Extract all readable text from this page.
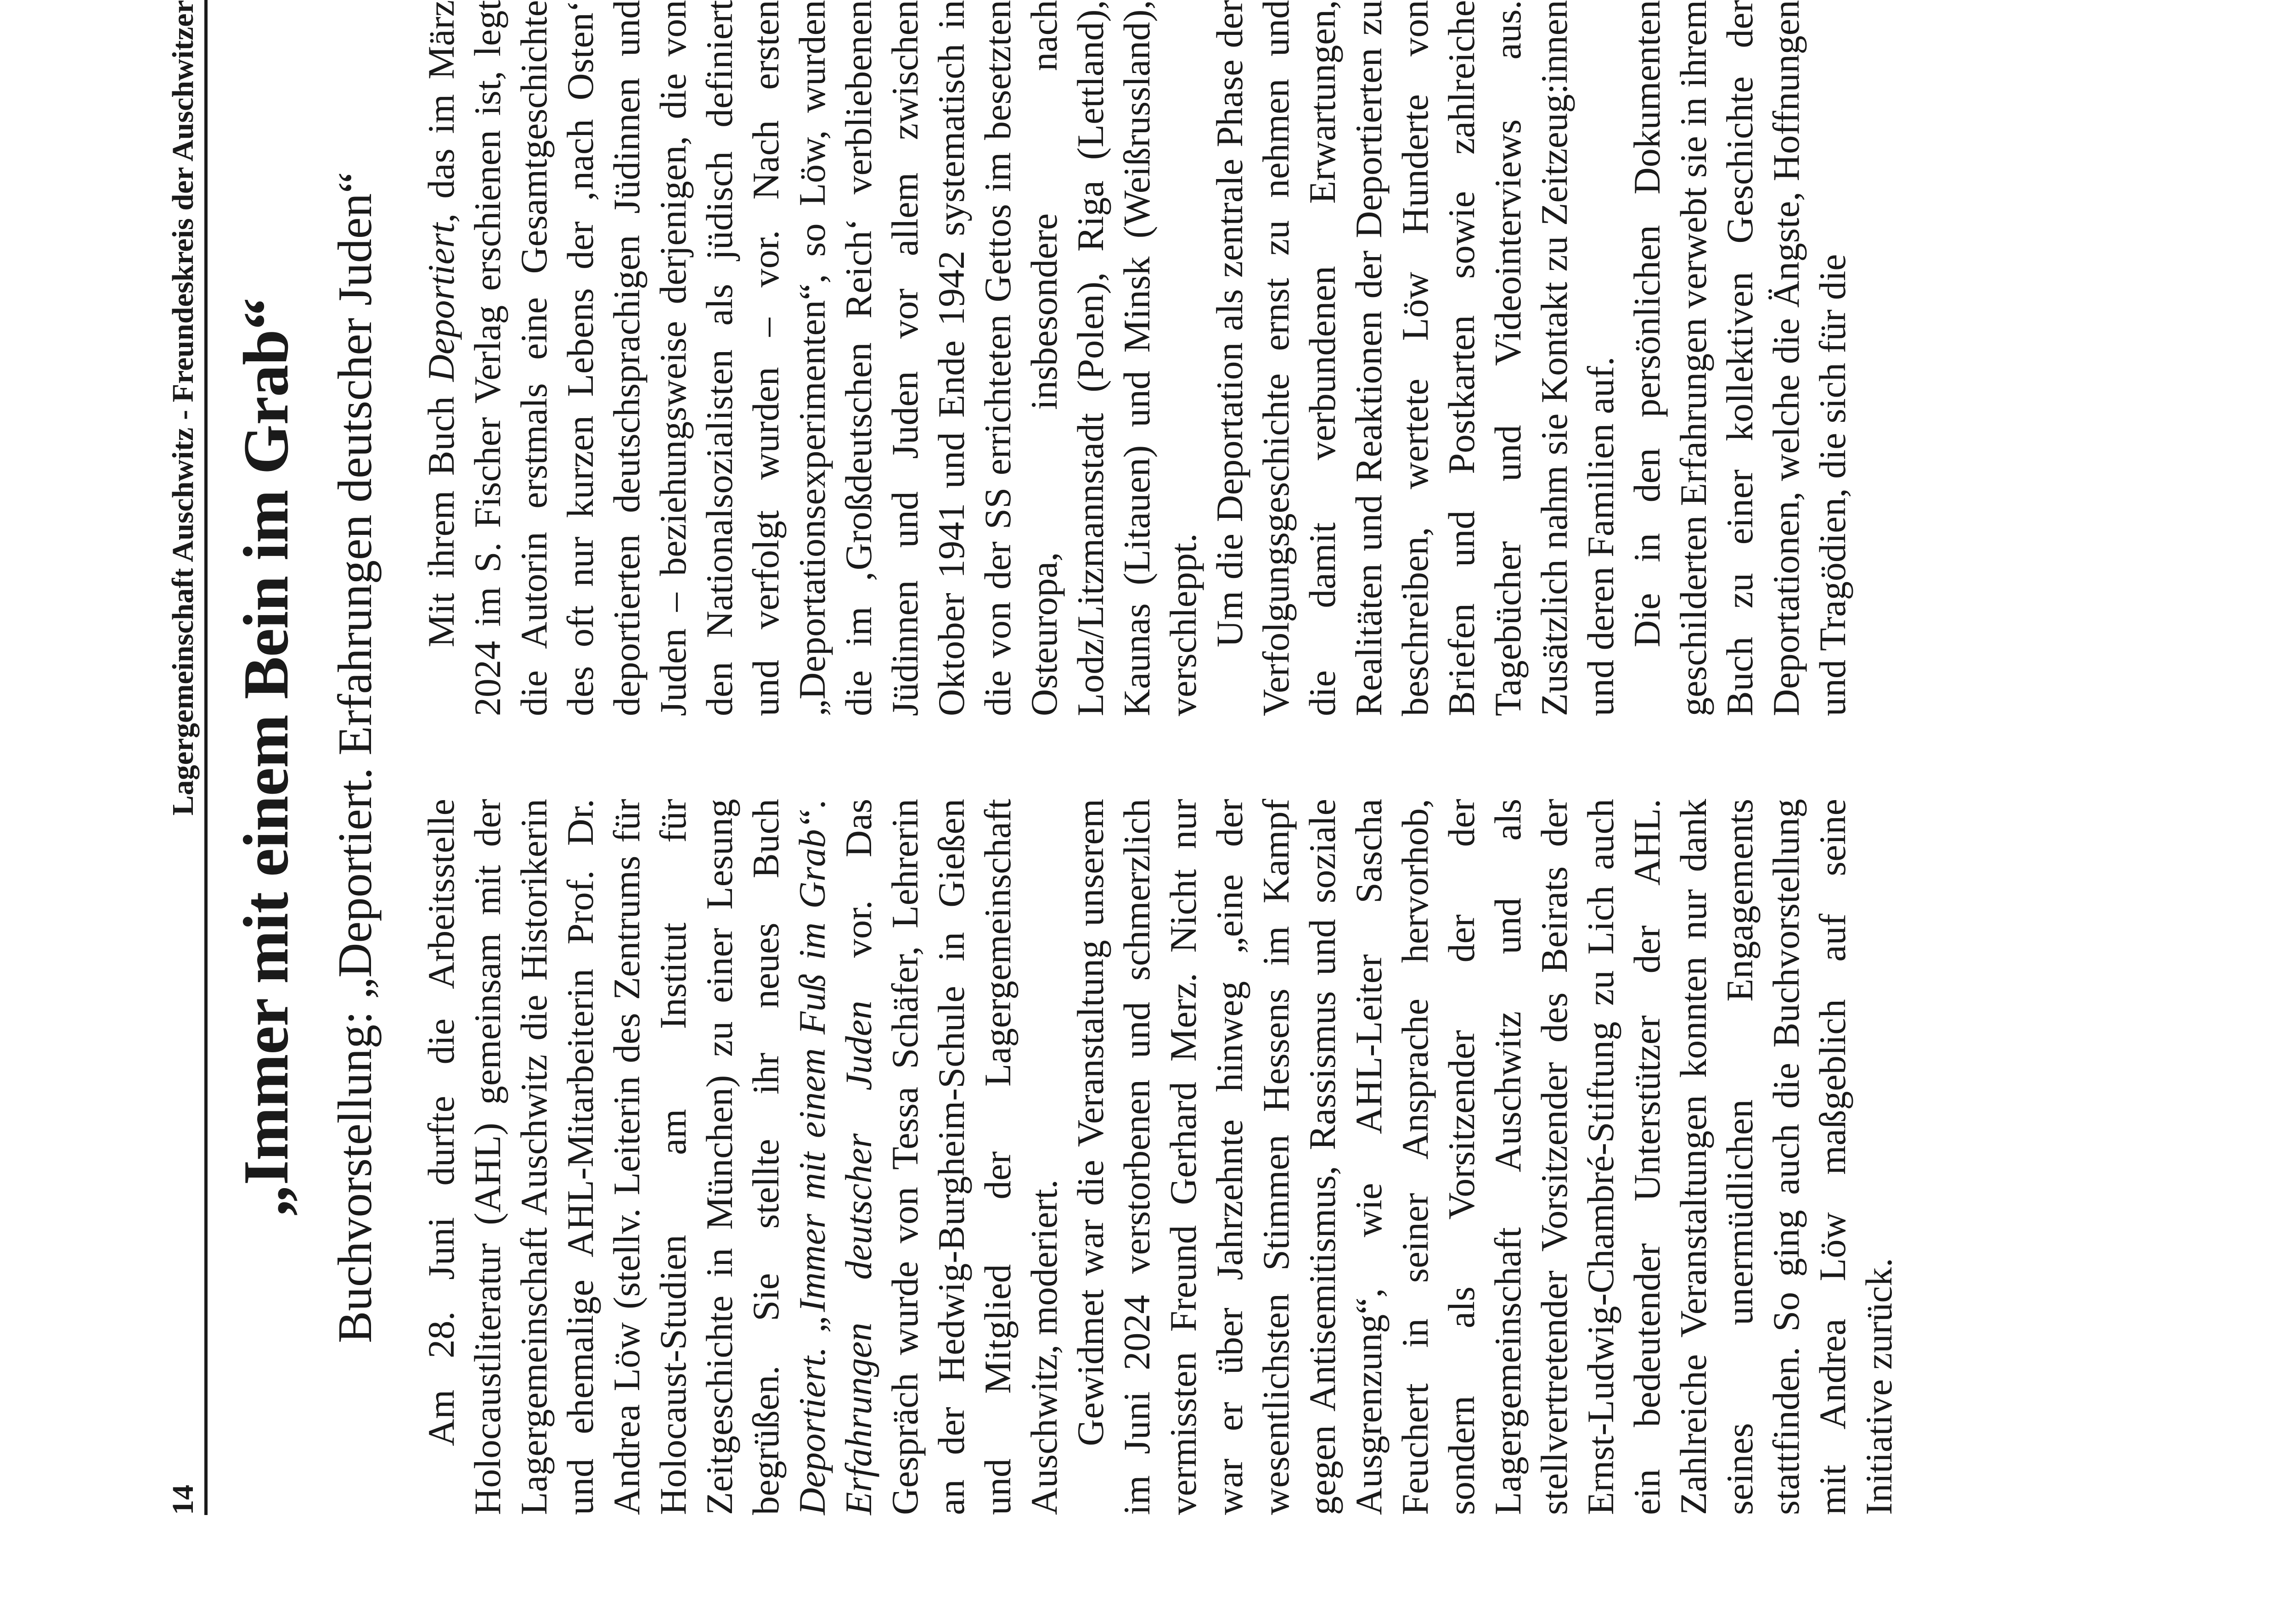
14
Lagergemeinschaft Auschwitz - Freundeskreis der Auschwitzer „Immer mit einem Bein im Grab“ Buchvorstellung: „Deportiert. Erfahrungen deutscher Juden“ Am 28. Juni durfte die Arbeitsstelle Holocaustliteratur (AHL) gemeinsam mit der Lagergemeinschaft Auschwitz die Historikerin und ehemalige AHL-Mitarbeiterin Prof. Dr. Andrea Löw (stellv. Leiterin des Zentrums für Holocaust-Studien am Institut für Zeitgeschichte in München) zu einer Lesung begrüßen. Sie stellte ihr neues Buch Deportiert. „Immer mit einem Fuß im Grab“. Erfahrungen deutscher Juden vor. Das Gespräch wurde von Tessa Schäfer, Lehrerin an der Hedwig-Burgheim-Schule in Gießen und Mitglied der Lagergemeinschaft Auschwitz, moderiert. Gewidmet war die Veranstaltung unserem im Juni 2024 verstorbenen und schmerzlich vermissten Freund Gerhard Merz. Nicht nur war er über Jahrzehnte hinweg „eine der wesentlichsten Stimmen Hessens im Kampf gegen Antisemitismus, Rassismus und soziale Ausgrenzung“, wie AHL-Leiter Sascha Feuchert in seiner Ansprache hervorhob, sondern als Vorsitzender der der Lagergemeinschaft Auschwitz und als stellvertretender Vorsitzender des Beirats der Ernst-Ludwig-Chambré-Stiftung zu Lich auch ein bedeutender Unterstützer der AHL. Zahlreiche Veranstaltungen konnten nur dank seines unermüdlichen Engagements stattfinden. So ging auch die Buchvorstellung mit Andrea Löw maßgeblich auf seine Initiative zurück.

Mit ihrem Buch Deportiert, das im März 2024 im S. Fischer Verlag erschienen ist, legt die Autorin erstmals eine Gesamtgeschichte des oft nur kurzen Lebens der ‚nach Osten‘ deportierten deutschsprachigen Jüdinnen und Juden – beziehungsweise derjenigen, die von den Nationalsozialisten als jüdisch definiert und verfolgt wurden – vor. Nach ersten „Deportationsexperimenten“, so Löw, wurden die im ‚Großdeutschen Reich‘ verbliebenen Jüdinnen und Juden vor allem zwischen Oktober 1941 und Ende 1942 systematisch in die von der SS errichteten Gettos im besetzten Osteuropa, insbesondere nach Lodz/Litzmannstadt (Polen), Riga (Lettland), Kaunas (Litauen) und Minsk (Weißrussland), verschleppt. Um die Deportation als zentrale Phase der Verfolgungsgeschichte ernst zu nehmen und die damit verbundenen Erwartungen, Realitäten und Reaktionen der Deportierten zu beschreiben, wertete Löw Hunderte von Briefen und Postkarten sowie zahlreiche Tagebücher und Videointerviews aus. Zusätzlich nahm sie Kontakt zu Zeitzeug:innen und deren Familien auf. Die in den persönlichen Dokumenten geschilderten Erfahrungen verwebt sie in ihrem Buch zu einer kollektiven Geschichte der Deportationen, welche die Ängste, Hoffnungen und Tragödien, die sich für die
